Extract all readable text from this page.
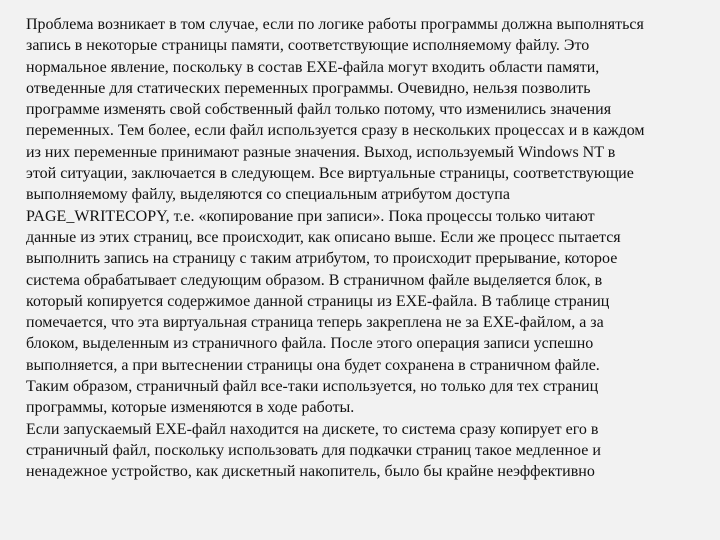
Проблема возникает в том случае, если по логике работы программы должна выполняться
запись в некоторые страницы памяти, соответствующие исполняемому файлу. Это
нормальное явление, поскольку в состав EXE-файла могут входить области памяти,
отведенные для статических переменных программы. Очевидно, нельзя позволить
программе изменять свой собственный файл только потому, что изменились значения
переменных. Тем более, если файл используется сразу в нескольких процессах и в каждом
из них переменные принимают разные значения. Выход, используемый Windows NT в
этой ситуации, заключается в следующем. Все виртуальные страницы, соответствующие
выполняемому файлу, выделяются со специальным атрибутом доступа
PAGE_WRITECOPY, т.е. «копирование при записи». Пока процессы только читают
данные из этих страниц, все происходит, как описано выше. Если же процесс пытается
выполнить запись на страницу с таким атрибутом, то происходит прерывание, которое
система обрабатывает следующим образом. В страничном файле выделяется блок, в
который копируется содержимое данной страницы из EXE-файла. В таблице страниц
помечается, что эта виртуальная страница теперь закреплена не за EXE-файлом, а за
блоком, выделенным из страничного файла. После этого операция записи успешно
выполняется, а при вытеснении страницы она будет сохранена в страничном файле.
Таким образом, страничный файл все-таки используется, но только для тех страниц
программы, которые изменяются в ходе работы.
Если запускаемый EXE-файл находится на дискете, то система сразу копирует его в
страничный файл, поскольку использовать для подкачки страниц такое медленное и
ненадежное устройство, как дискетный накопитель, было бы крайне неэффективно
